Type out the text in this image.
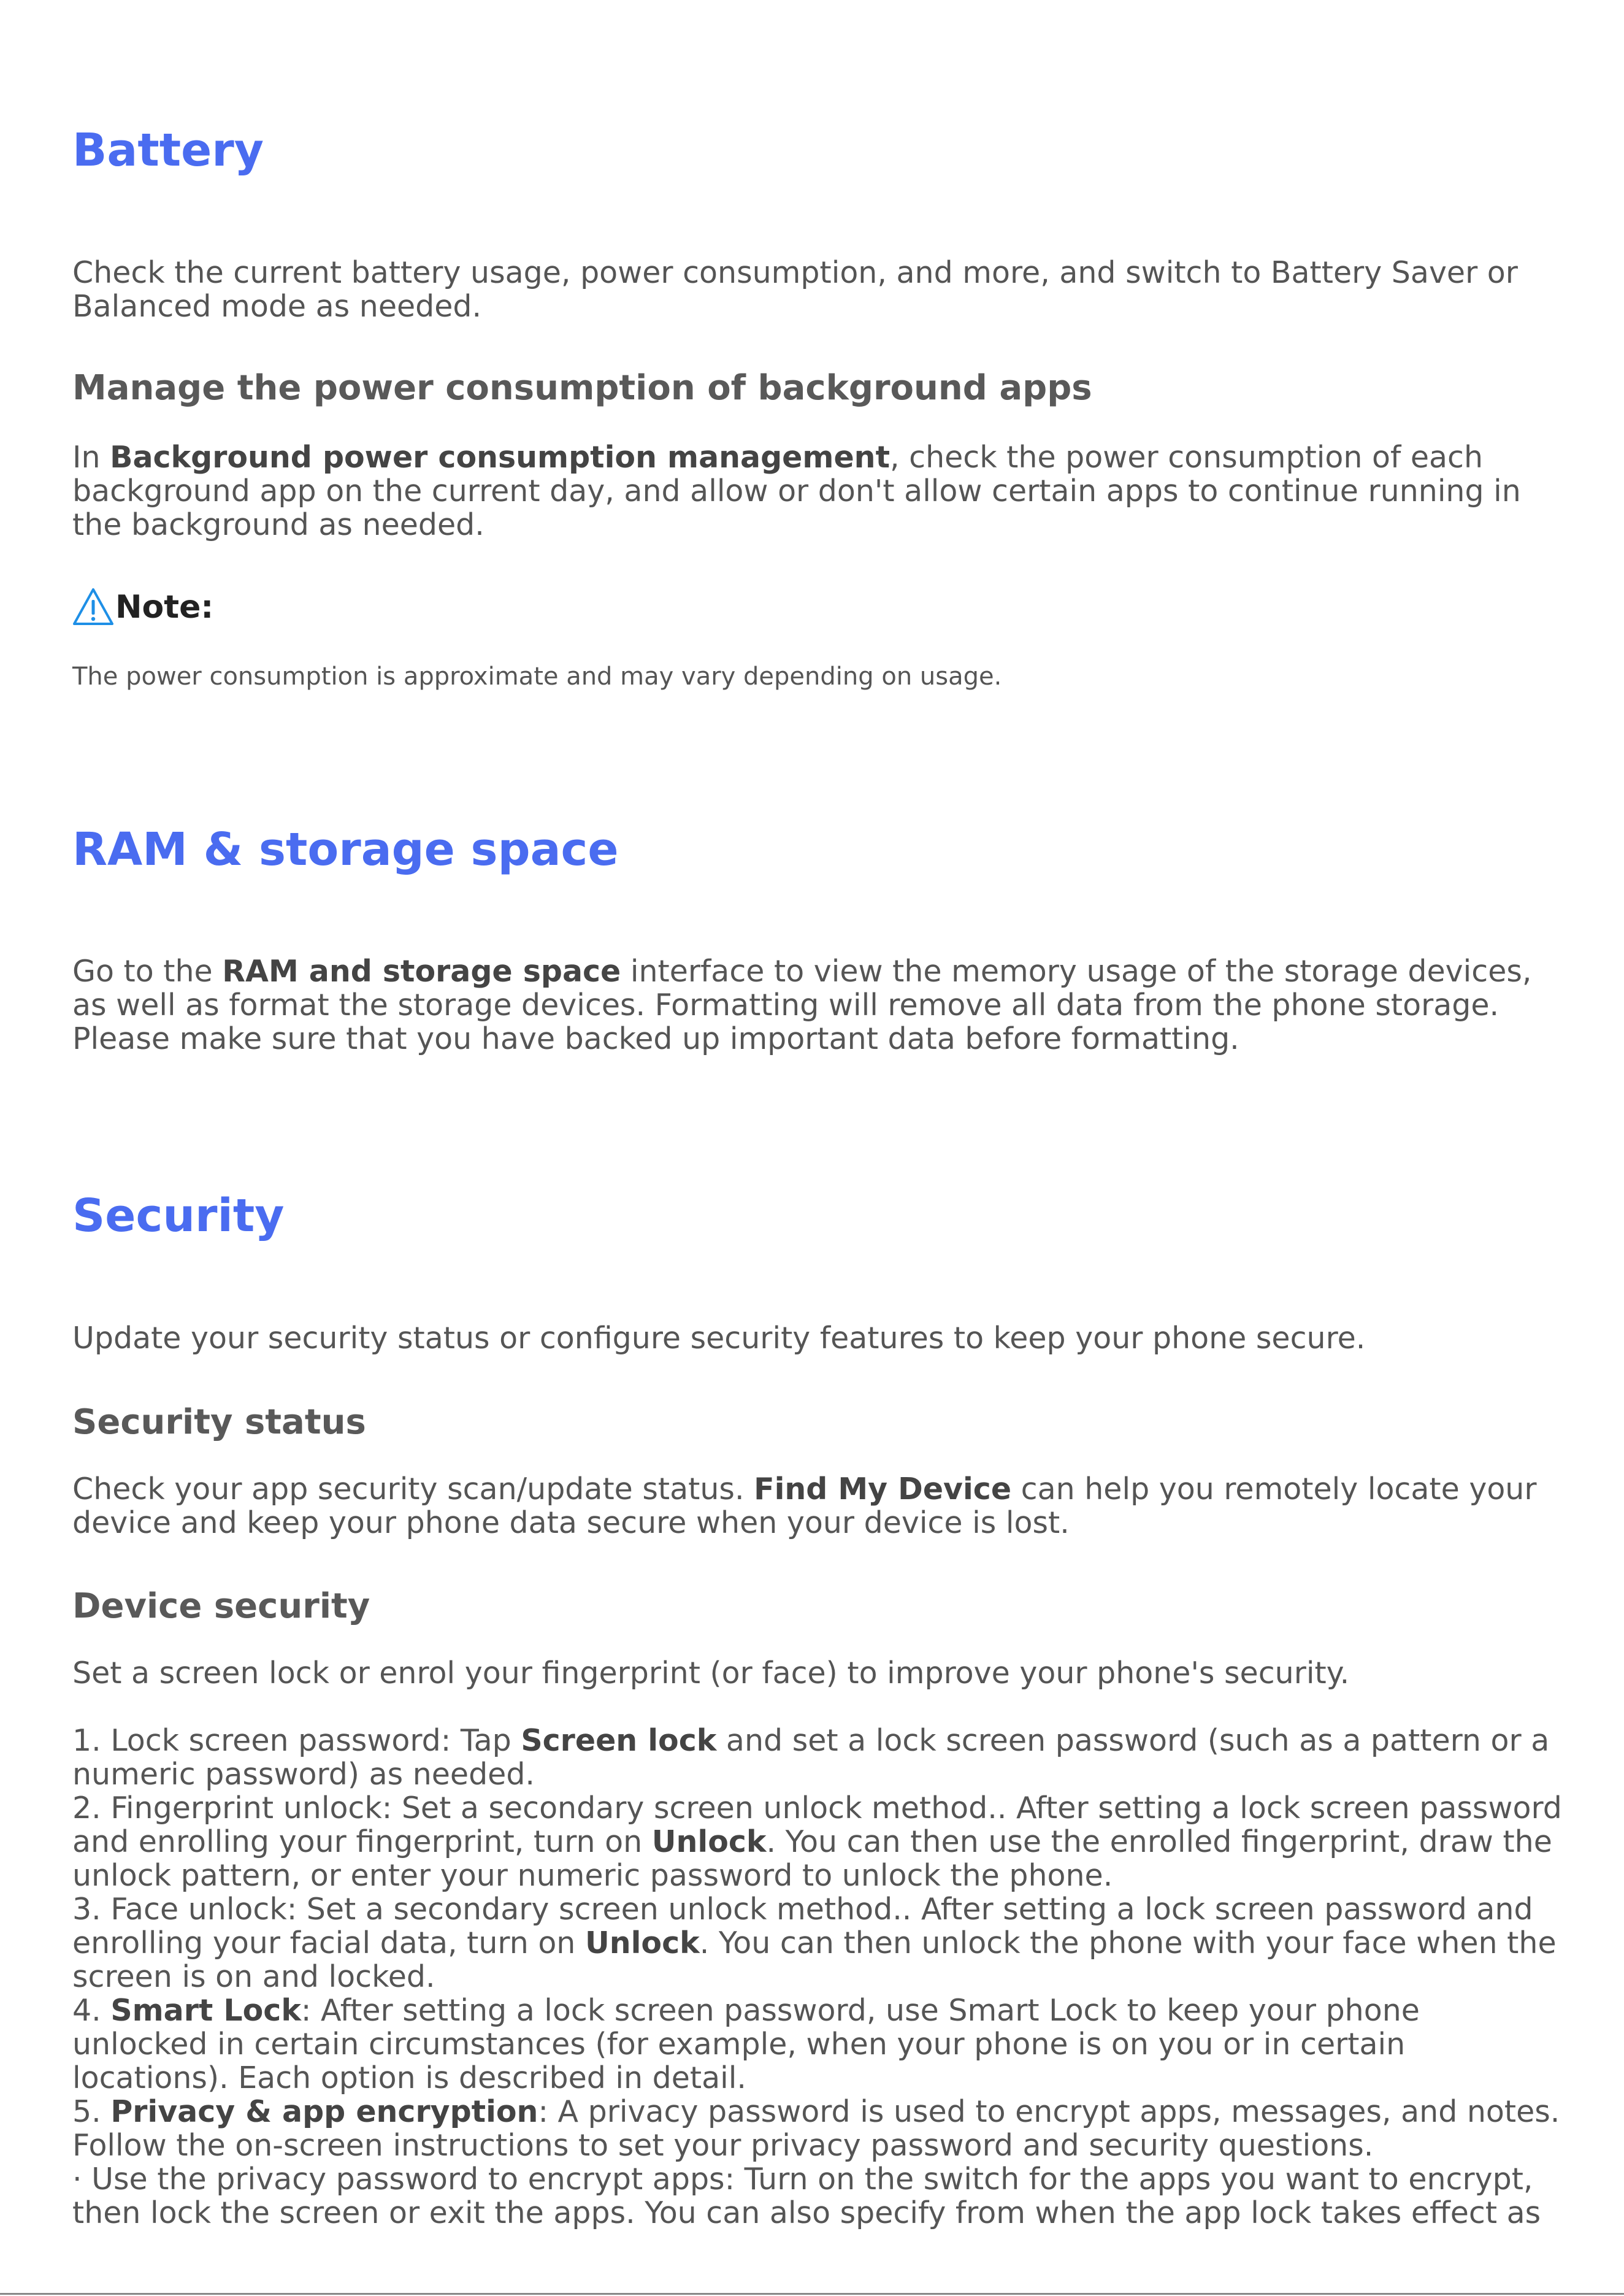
Battery

Check the current battery usage, power consumption, and more, and switch to Battery Saver or Balanced mode as needed.

Manage the power consumption of background apps

In Background power consumption management, check the power consumption of each background app on the current day, and allow or don't allow certain apps to continue running in the background as needed.

Note:

The power consumption is approximate and may vary depending on usage.

RAM & storage space

Go to the RAM and storage space interface to view the memory usage of the storage devices, as well as format the storage devices. Formatting will remove all data from the phone storage. Please make sure that you have backed up important data before formatting.

Security

Update your security status or configure security features to keep your phone secure.

Security status

Check your app security scan/update status. Find My Device can help you remotely locate your device and keep your phone data secure when your device is lost.

Device security

Set a screen lock or enrol your fingerprint (or face) to improve your phone's security.

1. Lock screen password: Tap Screen lock and set a lock screen password (such as a pattern or a numeric password) as needed.
2. Fingerprint unlock: Set a secondary screen unlock method.. After setting a lock screen password and enrolling your fingerprint, turn on Unlock. You can then use the enrolled fingerprint, draw the unlock pattern, or enter your numeric password to unlock the phone.
3. Face unlock: Set a secondary screen unlock method.. After setting a lock screen password and enrolling your facial data, turn on Unlock. You can then unlock the phone with your face when the screen is on and locked.
4. Smart Lock: After setting a lock screen password, use Smart Lock to keep your phone unlocked in certain circumstances (for example, when your phone is on you or in certain locations). Each option is described in detail.
5. Privacy & app encryption: A privacy password is used to encrypt apps, messages, and notes. Follow the on-screen instructions to set your privacy password and security questions.
· Use the privacy password to encrypt apps: Turn on the switch for the apps you want to encrypt, then lock the screen or exit the apps. You can also specify from when the app lock takes effect as
